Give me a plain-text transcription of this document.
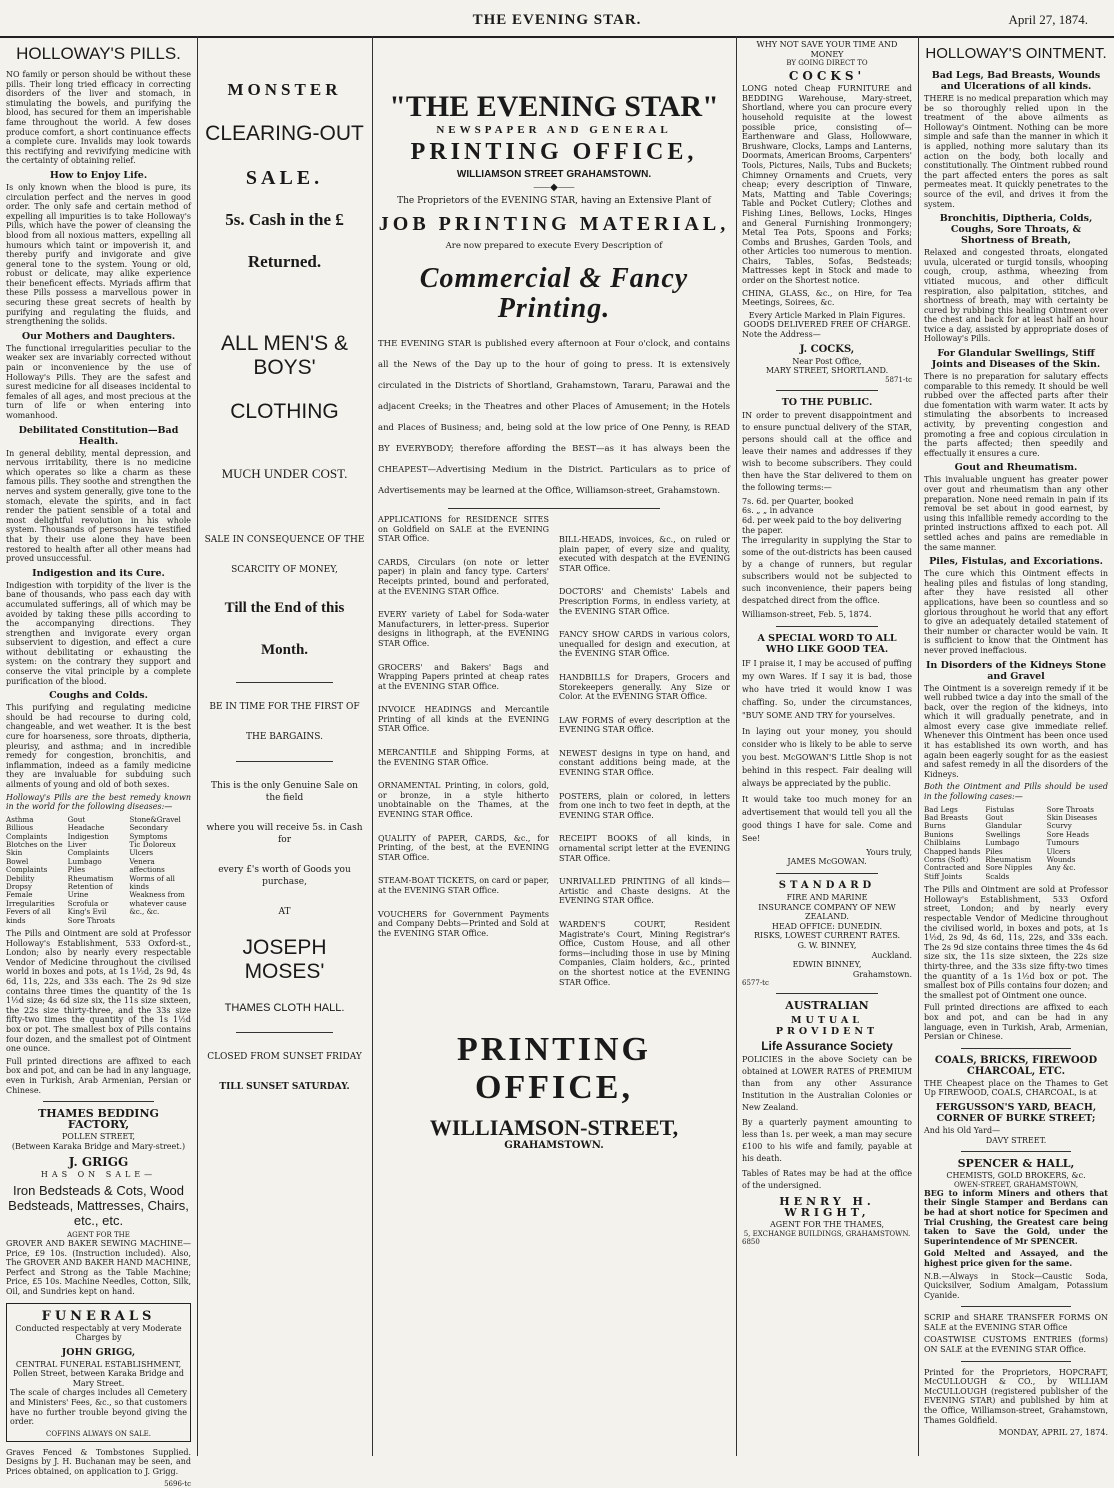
THE EVENING STAR.	April 27, 1874.
HOLLOWAY'S PILLS.
NO family or person should be without these pills. Their long tried efficacy in correcting disorders of the liver and stomach, in stimulating the bowels, and purifying the blood, has secured for them an imperishable fame throughout the world. A few doses produce comfort, a short continuance effects a complete cure. Invalids may look towards this rectifying and revivifying medicine with the certainty of obtaining relief.
How to Enjoy Life.
Is only known when the blood is pure, its circulation perfect and the nerves in good order. The only safe and certain method of expelling all impurities is to take Holloway's Pills, which have the power of cleansing the blood from all noxious matters, expelling all humours which taint or impoverish it, and thereby purify and invigorate and give general tone to the system. Young or old, robust or delicate, may alike experience their beneficent effects. Myriads affirm that these Pills possess a marvellous power in securing these great secrets of health by purifying and regulating the fluids, and strengthening the solids.
Our Mothers and Daughters.
The functional irregularities peculiar to the weaker sex are invariably corrected without pain or inconvenience by the use of Holloway's Pills. They are the safest and surest medicine for all diseases incidental to females of all ages, and most precious at the turn of life or when entering into womanhood.
Debilitated Constitution—Bad Health.
In general debility, mental depression, and nervous irritability, there is no medicine which operates so like a charm as these famous pills. They soothe and strengthen the nerves and system generally, give tone to the stomach, elevate the spirits, and in fact render the patient sensible of a total and most delightful revolution in his whole system. Thousands of persons have testified that by their use alone they have been restored to health after all other means had proved unsuccessful.
Indigestion and its Cure.
Indigestion with torpidity of the liver is the bane of thousands, who pass each day with accumulated sufferings, all of which may be avoided by taking these pills according to the accompanying directions. They strengthen and invigorate every organ subservient to digestion, and effect a cure without debilitating or exhausting the system: on the contrary they support and conserve the vital principle by a complete purification of the blood.
Coughs and Colds.
This purifying and regulating medicine should be had recourse to during cold, changeable, and wet weather. It is the best cure for hoarseness, sore throats, diptheria, pleurisy, and asthma; and in incredible remedy for congestion, bronchitis, and inflammation, indeed as a family medicine they are invaluable for subduing such ailments of young and old of both sexes.
Holloway's Pills are the best remedy known in the world for the following diseases:—
Asthma
Billious Complaints
Blotches on the Skin
Bowel Complaints
Debility
Dropsy
Female Irregularities
Fevers of all kinds
Gout
Headache
Indigestion
Liver Complaints
Lumbago
Piles
Rheumatism
Retention of Urine
Scrofula or King's Evil
Sore Throats
Stone&Gravel
Secondary Symptoms
Tic Doloreux
Ulcers
Venera affections
Worms of all kinds
Weakness from whatever cause
&c., &c.
The Pills and Ointment are sold at Professor Holloway's Establishment, 533 Oxford-st., London; also by nearly every respectable Vendor of Medicine throughout the civilised world in boxes and pots, at 1s 1½d, 2s 9d, 4s 6d, 11s, 22s, and 33s each. The 2s 9d size contains three times the quantity of the 1s 1½d size; 4s 6d size six, the 11s size sixteen, the 22s size thirty-three, and the 33s size fifty-two times the quantity of the 1s 1½d box or pot. The smallest box of Pills contains four dozen, and the smallest pot of Ointment one ounce.
Full printed directions are affixed to each box and pot, and can be had in any language, even in Turkish, Arab Armenian, Persian or Chinese.
THAMES BEDDING FACTORY,
POLLEN STREET,
(Between Karaka Bridge and Mary-street.)
J. GRIGG
HAS ON SALE—
Iron Bedsteads & Cots, Wood Bedsteads, Mattresses, Chairs, etc., etc.
AGENT FOR THE
GROVER AND BAKER SEWING MACHINE—Price, £9 10s. (Instruction included). Also, The GROVER AND BAKER HAND MACHINE, Perfect and Strong as the Table Machine; Price, £5 10s. Machine Needles, Cotton, Silk, Oil, and Sundries kept on hand.
FUNERALS
Conducted respectably at very Moderate Charges by
JOHN GRIGG,
CENTRAL FUNERAL ESTABLISHMENT, Pollen Street, between Karaka Bridge and Mary Street.
The scale of charges includes all Cemetery and Ministers' Fees, &c., so that customers have no further trouble beyond giving the order.
COFFINS ALWAYS ON SALE.
Graves Fenced & Tombstones Supplied. Designs by J. H. Buchanan may be seen, and Prices obtained, on application to J. Grigg.
5696-tc
MONSTER
CLEARING-OUT
SALE.
5s. Cash in the £
Returned.
ALL MEN'S & BOYS'
CLOTHING
MUCH UNDER COST.
SALE IN CONSEQUENCE OF THE
SCARCITY OF MONEY,
Till the End of this
Month.
BE IN TIME FOR THE FIRST OF
THE BARGAINS.
This is the only Genuine Sale on the field
where you will receive 5s. in Cash for
every £'s worth of Goods you purchase,
AT
JOSEPH MOSES'
THAMES CLOTH HALL.
CLOSED FROM SUNSET FRIDAY
TILL SUNSET SATURDAY.
"THE EVENING STAR"
NEWSPAPER AND GENERAL
PRINTING OFFICE,
WILLIAMSON STREET GRAHAMSTOWN.
⸺◆⸺
The Proprietors of the EVENING STAR, having an Extensive Plant of
JOB PRINTING MATERIAL,
Are now prepared to execute Every Description of
Commercial & Fancy Printing.
THE EVENING STAR is published every afternoon at Four o'clock, and contains all the News of the Day up to the hour of going to press. It is extensively circulated in the Districts of Shortland, Grahamstown, Tararu, Parawai and the adjacent Creeks; in the Theatres and other Places of Amusement; in the Hotels and Places of Business; and, being sold at the low price of One Penny, is READ BY EVERYBODY; therefore affording the BEST—as it has always been the CHEAPEST—Advertising Medium in the District. Particulars as to price of Advertisements may be learned at the Office, Williamson-street, Grahamstown.
APPLICATIONS for RESIDENCE SITES on Goldfield on SALE at the EVENING STAR Office.
CARDS, Circulars (on note or letter paper) in plain and fancy type. Carters' Receipts printed, bound and perforated, at the EVENING STAR Office.
EVERY variety of Label for Soda-water Manufacturers, in letter-press. Superior designs in lithograph, at the EVENING STAR Office.
GROCERS' and Bakers' Bags and Wrapping Papers printed at cheap rates at the EVENING STAR Office.
INVOICE HEADINGS and Mercantile Printing of all kinds at the EVENING STAR Office.
MERCANTILE and Shipping Forms, at the EVENING STAR Office.
ORNAMENTAL Printing, in colors, gold, or bronze, in a style hitherto unobtainable on the Thames, at the EVENING STAR Office.
QUALITY of PAPER, CARDS, &c., for Printing, of the best, at the EVENING STAR Office.
STEAM-BOAT TICKETS, on card or paper, at the EVENING STAR Office.
VOUCHERS for Government Payments and Company Debts—Printed and Sold at the EVENING STAR Office.
BILL-HEADS, invoices, &c., on ruled or plain paper, of every size and quality, executed with despatch at the EVENING STAR Office.
DOCTORS' and Chemists' Labels and Prescription Forms, in endless variety, at the EVENING STAR Office.
FANCY SHOW CARDS in various colors, unequalled for design and execution, at the EVENING STAR Office.
HANDBILLS for Drapers, Grocers and Storekeepers generally. Any Size or Color. At the EVENING STAR Office.
LAW FORMS of every description at the EVENING STAR Office.
NEWEST designs in type on hand, and constant additions being made, at the EVENING STAR Office.
POSTERS, plain or colored, in letters from one inch to two feet in depth, at the EVENING STAR Office.
RECEIPT BOOKS of all kinds, in ornamental script letter at the EVENING STAR Office.
UNRIVALLED PRINTING of all kinds—Artistic and Chaste designs. At the EVENING STAR Office.
WARDEN'S COURT, Resident Magistrate's Court, Mining Registrar's Office, Custom House, and all other forms—including those in use by Mining Companies, Claim holders, &c., printed on the shortest notice at the EVENING STAR Office.
PRINTING OFFICE,
WILLIAMSON-STREET,
GRAHAMSTOWN.
WHY NOT SAVE YOUR TIME AND MONEY
BY GOING DIRECT TO
COCKS'
LONG noted Cheap FURNITURE and BEDDING Warehouse, Mary-street, Shortland, where you can procure every household requisite at the lowest possible price, consisting of—Earthenware and Glass, Hollowware, Brushware, Clocks, Lamps and Lanterns, Doormats, American Brooms, Carpenters' Tools, Pictures, Nails, Tubs and Buckets; Chimney Ornaments and Cruets, very cheap; every description of Tinware, Mats, Matting and Table Coverings; Table and Pocket Cutlery; Clothes and Fishing Lines, Bellows, Locks, Hinges and General Furnishing Ironmongery; Metal Tea Pots, Spoons and Forks; Combs and Brushes, Garden Tools, and other Articles too numerous to mention. Chairs, Tables, Sofas, Bedsteads; Mattresses kept in Stock and made to order on the Shortest notice.
CHINA, GLASS, &c., on Hire, for Tea Meetings, Soirees, &c.
Every Article Marked in Plain Figures.
GOODS DELIVERED FREE OF CHARGE.
Note the Address—
J. COCKS,
Near Post Office,
MARY STREET, SHORTLAND.
5871-tc
TO THE PUBLIC.
IN order to prevent disappointment and to ensure punctual delivery of the STAR, persons should call at the office and leave their names and addresses if they wish to become subscribers. They could then have the Star delivered to them on the following terms:—
7s. 6d. per Quarter, booked
6s. „ „ in advance
6d. per week paid to the boy delivering the paper.
The irregularity in supplying the Star to some of the out-districts has been caused by a change of runners, but regular subscribers would not be subjected to such inconvenience, their papers being despatched direct from the office.
Williamson-street, Feb. 5, 1874.
A SPECIAL WORD TO ALL WHO LIKE GOOD TEA.
IF I praise it, I may be accused of puffing my own Wares. If I say it is bad, those who have tried it would know I was chaffing. So, under the circumstances, "BUY SOME AND TRY for yourselves.
In laying out your money, you should consider who is likely to be able to serve you best. McGOWAN'S Little Shop is not behind in this respect. Fair dealing will always be appreciated by the public.
It would take too much money for an advertisement that would tell you all the good things I have for sale. Come and See!
Yours truly,
JAMES McGOWAN.
STANDARD
FIRE AND MARINE
INSURANCE COMPANY OF NEW ZEALAND.
HEAD OFFICE: DUNEDIN.
RISKS, LOWEST CURRENT RATES.
G. W. BINNEY,
Auckland.
EDWIN BINNEY,
Grahamstown.
6577-tc
AUSTRALIAN
MUTUAL PROVIDENT
Life Assurance Society
POLICIES in the above Society can be obtained at LOWER RATES of PREMIUM than from any other Assurance Institution in the Australian Colonies or New Zealand.
By a quarterly payment amounting to less than 1s. per week, a man may secure £100 to his wife and family, payable at his death.
Tables of Rates may be had at the office of the undersigned.
HENRY H. WRIGHT,
AGENT FOR THE THAMES,
5, EXCHANGE BUILDINGS, GRAHAMSTOWN.
6850
HOLLOWAY'S OINTMENT.
Bad Legs, Bad Breasts, Wounds and Ulcerations of all kinds.
THERE is no medical preparation which may be so thoroughly relied upon in the treatment of the above ailments as Holloway's Ointment. Nothing can be more simple and safe than the manner in which it is applied, nothing more salutary than its action on the body, both locally and constitutionally. The Ointment rubbed round the part affected enters the pores as salt permeates meat. It quickly penetrates to the source of the evil, and drives it from the system.
Bronchitis, Diptheria, Colds, Coughs, Sore Throats, & Shortness of Breath,
Relaxed and congested throats, elongated uvula, ulcerated or turgid tonsils, whooping cough, croup, asthma, wheezing from vitiated mucous, and other difficult respiration, also palpitation, stitches, and shortness of breath, may with certainty be cured by rubbing this healing Ointment over the chest and back for at least half an hour twice a day, assisted by appropriate doses of Holloway's Pills.
For Glandular Swellings, Stiff Joints and Diseases of the Skin.
There is no preparation for salutary effects comparable to this remedy. It should be well rubbed over the affected parts after their due fomentation with warm water. It acts by stimulating the absorbents to increased activity, by preventing congestion and promoting a free and copious circulation in the parts affected; then speedily and effectually it ensures a cure.
Gout and Rheumatism.
This invaluable unguent has greater power over gout and rheumatism than any other preparation. None need remain in pain if its removal be set about in good earnest, by using this infallible remedy according to the printed instructions affixed to each pot. All settled aches and pains are remediable in the same manner.
Piles, Fistulas, and Excoriations.
The cure which this Ointment effects in healing piles and fistulas of long standing, after they have resisted all other applications, have been so countless and so glorious throughout he world that any effort to give an adequately detailed statement of their number or character would be vain. It is sufficient to know that the Ointment has never proved ineffacious.
In Disorders of the Kidneys Stone and Gravel
The Ointment is a sovereign remedy if it be well rubbed twice a day into the small of the back, over the region of the kidneys, into which it will gradually penetrate, and in almost every case give immediate relief. Whenever this Ointment has been once used it has established its own worth, and has again been eagerly sought for as the easiest and safest remedy in all the disorders of the Kidneys.
Both the Ointment and Pills should be used in the following cases:—
Bad Legs
Bad Breasts
Burns
Bunions
Chilblains
Chapped hands
Corns (Soft)
Contracted and Stiff Joints
Fistulas
Gout
Glandular Swellings
Lumbago
Piles
Rheumatism
Sore Nipples
Scalds
Sore Throats
Skin Diseases
Scurvy
Sore Heads
Tumours
Ulcers
Wounds
Any &c.
The Pills and Ointment are sold at Professor Holloway's Establishment, 533 Oxford street, London; and by nearly every respectable Vendor of Medicine throughout the civilised world, in boxes and pots, at 1s 1½d, 2s 9d, 4s 6d, 11s, 22s, and 33s each. The 2s 9d size contains three times the 4s 6d size six, the 11s size sixteen, the 22s size thirty-three, and the 33s size fifty-two times the quantity of a 1s 1½d box or pot. The smallest box of Pills contains four dozen; and the smallest pot of Ointment one ounce.
Full printed directions are affixed to each box and pot, and can be had in any language, even in Turkish, Arab, Armenian, Persian or Chinese.
COALS, BRICKS, FIREWOOD CHARCOAL, ETC.
THE Cheapest place on the Thames to Get Up FIREWOOD, COALS, CHARCOAL, is at
FERGUSSON'S YARD, BEACH, CORNER OF BURKE STREET;
And his Old Yard—
DAVY STREET.
SPENCER & HALL,
CHEMISTS, GOLD BROKERS, &c.
OWEN-STREET, GRAHAMSTOWN,
BEG to inform Miners and others that their Single Stamper and Berdans can be had at short notice for Specimen and Trial Crushing, the Greatest care being taken to Save the Gold, under the Superintendence of Mr SPENCER.
Gold Melted and Assayed, and the highest price given for the same.
N.B.—Always in Stock—Caustic Soda, Quicksilver, Sodium Amalgam, Potassium Cyanide.
SCRIP and SHARE TRANSFER FORMS ON SALE at the EVENING STAR Office
COASTWISE CUSTOMS ENTRIES (forms) ON SALE at the EVENING STAR Office.
Printed for the Proprietors, HOPCRAFT, McCULLOUGH & CO., by WILLIAM McCULLOUGH (registered publisher of the EVENING STAR) and published by him at the Office, Williamson-street, Grahamstown, Thames Goldfield.
MONDAY, APRIL 27, 1874.
